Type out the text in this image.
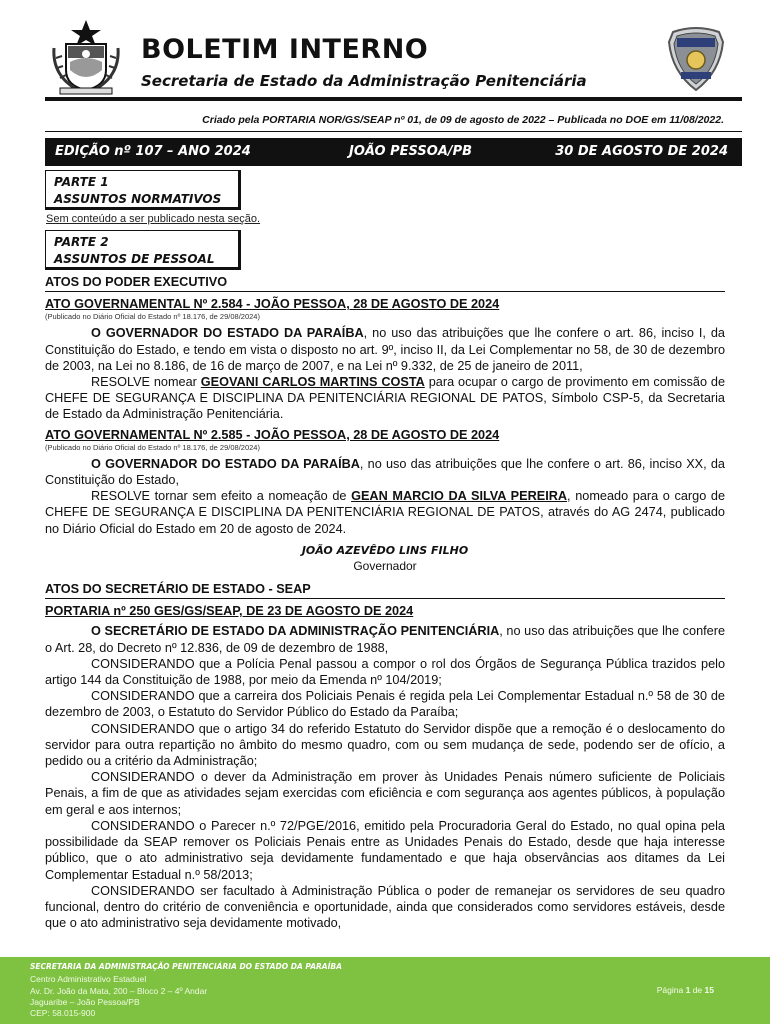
BOLETIM INTERNO
Secretaria de Estado da Administração Penitenciária
Criado pela PORTARIA NOR/GS/SEAP nº 01, de 09 de agosto de 2022 – Publicada no DOE em 11/08/2022.
EDIÇÃO nº 107 – ANO 2024	JOÃO PESSOA/PB	30 DE AGOSTO DE 2024
PARTE 1
ASSUNTOS NORMATIVOS
Sem conteúdo a ser publicado nesta seção.
PARTE 2
ASSUNTOS DE PESSOAL
ATOS DO PODER EXECUTIVO
ATO GOVERNAMENTAL Nº 2.584 - JOÃO PESSOA, 28 DE AGOSTO DE 2024
(Publicado no Diário Oficial do Estado nº 18.176, de 29/08/2024)

O GOVERNADOR DO ESTADO DA PARAÍBA, no uso das atribuições que lhe confere o art. 86, inciso I, da Constituição do Estado, e tendo em vista o disposto no art. 9º, inciso II, da Lei Complementar no 58, de 30 de dezembro de 2003, na Lei no 8.186, de 16 de março de 2007, e na Lei nº 9.332, de 25 de janeiro de 2011,

RESOLVE nomear GEOVANI CARLOS MARTINS COSTA para ocupar o cargo de provimento em comissão de CHEFE DE SEGURANÇA E DISCIPLINA DA PENITENCIÁRIA REGIONAL DE PATOS, Símbolo CSP-5, da Secretaria de Estado da Administração Penitenciária.

ATO GOVERNAMENTAL Nº 2.585 - JOÃO PESSOA, 28 DE AGOSTO DE 2024
(Publicado no Diário Oficial do Estado nº 18.176, de 29/08/2024)

O GOVERNADOR DO ESTADO DA PARAÍBA, no uso das atribuições que lhe confere o art. 86, inciso XX, da Constituição do Estado,

RESOLVE tornar sem efeito a nomeação de GEAN MARCIO DA SILVA PEREIRA, nomeado para o cargo de CHEFE DE SEGURANÇA E DISCIPLINA DA PENITENCIÁRIA REGIONAL DE PATOS, através do AG 2474, publicado no Diário Oficial do Estado em 20 de agosto de 2024.

JOÃO AZEVÊDO LINS FILHO
Governador
ATOS DO SECRETÁRIO DE ESTADO - SEAP
PORTARIA nº 250 GES/GS/SEAP, DE 23 DE AGOSTO DE 2024

O SECRETÁRIO DE ESTADO DA ADMINISTRAÇÃO PENITENCIÁRIA, no uso das atribuições que lhe confere o Art. 28, do Decreto nº 12.836, de 09 de dezembro de 1988,

CONSIDERANDO que a Polícia Penal passou a compor o rol dos Órgãos de Segurança Pública trazidos pelo artigo 144 da Constituição de 1988, por meio da Emenda nº 104/2019;

CONSIDERANDO que a carreira dos Policiais Penais é regida pela Lei Complementar Estadual n.º 58 de 30 de dezembro de 2003, o Estatuto do Servidor Público do Estado da Paraíba;

CONSIDERANDO que o artigo 34 do referido Estatuto do Servidor dispõe que a remoção é o deslocamento do servidor para outra repartição no âmbito do mesmo quadro, com ou sem mudança de sede, podendo ser de ofício, a pedido ou a critério da Administração;

CONSIDERANDO o dever da Administração em prover às Unidades Penais número suficiente de Policiais Penais, a fim de que as atividades sejam exercidas com eficiência e com segurança aos agentes públicos, à população em geral e aos internos;

CONSIDERANDO o Parecer n.º 72/PGE/2016, emitido pela Procuradoria Geral do Estado, no qual opina pela possibilidade da SEAP remover os Policiais Penais entre as Unidades Penais do Estado, desde que haja interesse público, que o ato administrativo seja devidamente fundamentado e que haja observâncias aos ditames da Lei Complementar Estadual n.º 58/2013;

CONSIDERANDO ser facultado à Administração Pública o poder de remanejar os servidores de seu quadro funcional, dentro do critério de conveniência e oportunidade, ainda que considerados como servidores estáveis, desde que o ato administrativo seja devidamente motivado,

SECRETARIA DA ADMINISTRAÇÃO PENITENCIÁRIA DO ESTADO DA PARAÍBA
Centro Administrativo Estaduel
Av. Dr. João da Mata, 200 – Bloco 2 – 4º Andar
Jaguaribe – João Pessoa/PB
CEP: 58.015-900
Página 1 de 15
